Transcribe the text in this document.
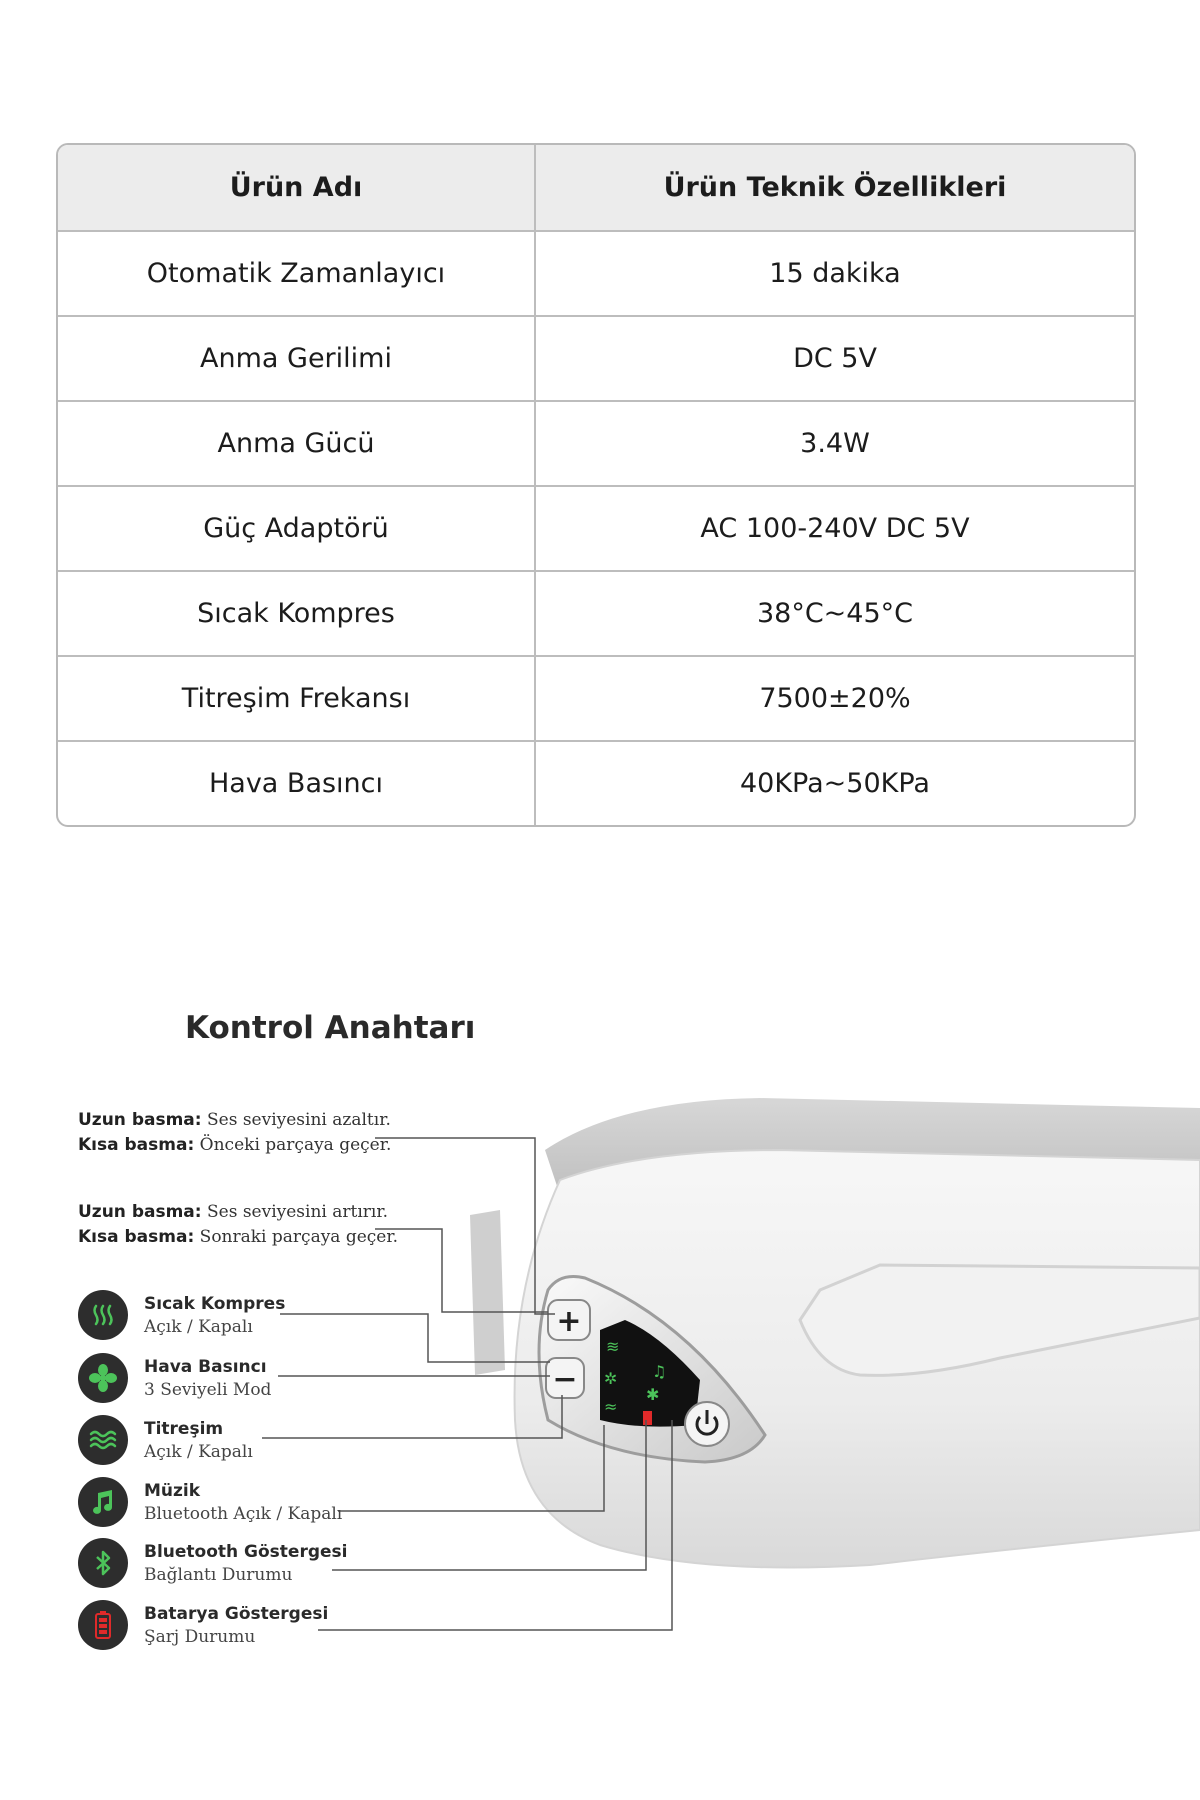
Ürün Adı	Ürün Teknik Özellikleri
Otomatik Zamanlayıcı	15 dakika
Anma Gerilimi	DC 5V
Anma Gücü	3.4W
Güç Adaptörü	AC 100-240V DC 5V
Sıcak Kompres	38°C~45°C
Titreşim Frekansı	7500±20%
Hava Basıncı	40KPa~50KPa
Kontrol Anahtarı
≋
✲
≈
♫
✱
+
−
Uzun basma: Ses seviyesini azaltır.
Kısa basma: Önceki parçaya geçer.
Uzun basma: Ses seviyesini artırır.
Kısa basma: Sonraki parçaya geçer.
Sıcak Kompres
Açık / Kapalı
Hava Basıncı
3 Seviyeli Mod
Titreşim
Açık / Kapalı
Müzik
Bluetooth Açık / Kapalı
Bluetooth Göstergesi
Bağlantı Durumu
Batarya Göstergesi
Şarj Durumu
